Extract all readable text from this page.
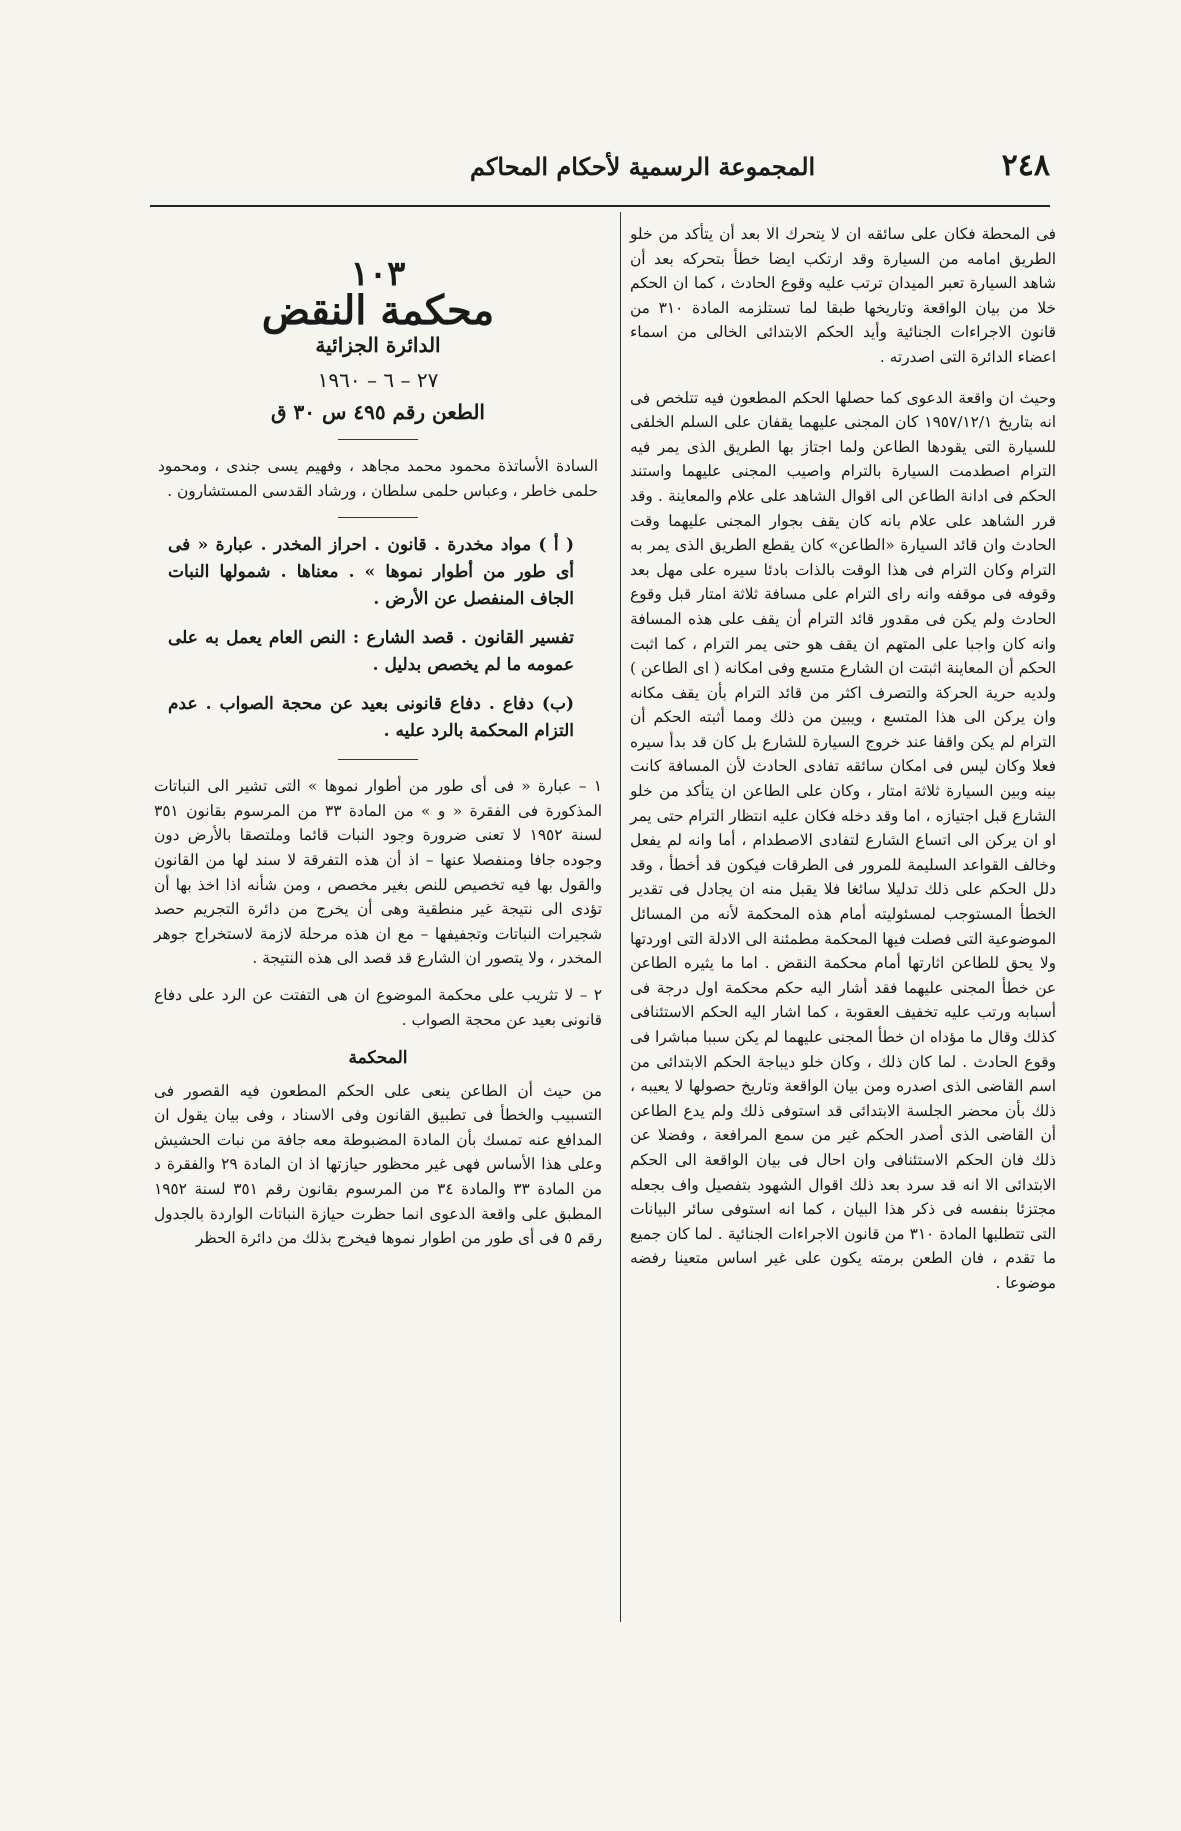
٢٤٨
المجموعة الرسمية لأحكام المحاكم

فى المحطة فكان على سائقه ان لا يتحرك الا بعد أن يتأكد من خلو الطريق امامه من السيارة وقد ارتكب ايضا خطأ بتحركه بعد أن شاهد السيارة تعبر الميدان ترتب عليه وقوع الحادث ، كما ان الحكم خلا من بيان الواقعة وتاريخها طبقا لما تستلزمه المادة ٣١٠ من قانون الاجراءات الجنائية وأيد الحكم الابتدائى الخالى من اسماء اعضاء الدائرة التى اصدرته .

وحيث ان واقعة الدعوى كما حصلها الحكم المطعون فيه تتلخص فى انه بتاريخ ١٩٥٧/١٢/١ كان المجنى عليهما يقفان على السلم الخلفى للسيارة التى يقودها الطاعن ولما اجتاز بها الطريق الذى يمر فيه الترام اصطدمت السيارة بالترام واصيب المجنى عليهما واستند الحكم فى ادانة الطاعن الى اقوال الشاهد على علام والمعاينة . وقد قرر الشاهد على علام بانه كان يقف بجوار المجنى عليهما وقت الحادث وان قائد السيارة «الطاعن» كان يقطع الطريق الذى يمر به الترام وكان الترام فى هذا الوقت بالذات بادئا سيره على مهل بعد وقوفه فى موقفه وانه راى الترام على مسافة ثلاثة امتار قبل وقوع الحادث ولم يكن فى مقدور قائد الترام أن يقف على هذه المسافة وانه كان واجبا على المتهم ان يقف هو حتى يمر الترام ، كما اثبت الحكم أن المعاينة اثبتت ان الشارع متسع وفى امكانه ( اى الطاعن ) ولديه حرية الحركة والتصرف اكثر من قائد الترام بأن يقف مكانه وان يركن الى هذا المتسع ، ويبين من ذلك ومما أثبته الحكم أن الترام لم يكن واقفا عند خروج السيارة للشارع بل كان قد بدأ سيره فعلا وكان ليس فى امكان سائقه تفادى الحادث لأن المسافة كانت بينه وبين السيارة ثلاثة امتار ، وكان على الطاعن ان يتأكد من خلو الشارع قبل اجتيازه ، اما وقد دخله فكان عليه انتظار الترام حتى يمر او ان يركن الى اتساع الشارع لتفادى الاصطدام ، أما وانه لم يفعل وخالف القواعد السليمة للمرور فى الطرقات فيكون قد أخطأ ، وقد دلل الحكم على ذلك تدليلا سائغا فلا يقبل منه ان يجادل فى تقدير الخطأ المستوجب لمسئوليته أمام هذه المحكمة لأنه من المسائل الموضوعية التى فصلت فيها المحكمة مطمئنة الى الادلة التى اوردتها ولا يحق للطاعن اثارتها أمام محكمة النقض . اما ما يثيره الطاعن عن خطأ المجنى عليهما فقد أشار اليه حكم محكمة اول درجة فى أسبابه ورتب عليه تخفيف العقوبة ، كما اشار اليه الحكم الاستئنافى كذلك وقال ما مؤداه ان خطأ المجنى عليهما لم يكن سببا مباشرا فى وقوع الحادث . لما كان ذلك ، وكان خلو ديباجة الحكم الابتدائى من اسم القاضى الذى اصدره ومن بيان الواقعة وتاريخ حصولها لا يعيبه ، ذلك بأن محضر الجلسة الابتدائى قد استوفى ذلك ولم يدع الطاعن أن القاضى الذى أصدر الحكم غير من سمع المرافعة ، وفضلا عن ذلك فان الحكم الاستئنافى وان احال فى بيان الواقعة الى الحكم الابتدائى الا انه قد سرد بعد ذلك اقوال الشهود بتفصيل واف بجعله مجتزئا بنفسه فى ذكر هذا البيان ، كما انه استوفى سائر البيانات التى تتطلبها المادة ٣١٠ من قانون الاجراءات الجنائية . لما كان جميع ما تقدم ، فان الطعن برمته يكون على غير اساس متعينا رفضه موضوعا .

١٠٣
محكمة النقض
الدائرة الجزائية
٢٧ – ٦ – ١٩٦٠
الطعن رقم ٤٩٥ س ٣٠ ق
السادة الأساتذة محمود محمد مجاهد ، وفهيم يسى جندى ، ومحمود حلمى خاطر ، وعباس حلمى سلطان ، ورشاد القدسى المستشارون .
( أ ) مواد مخدرة . قانون . احراز المخدر . عبارة « فى أى طور من أطوار نموها » . معناها . شمولها النبات الجاف المنفصل عن الأرض .
تفسير القانون . قصد الشارع : النص العام يعمل به على عمومه ما لم يخصص بدليل .
(ب) دفاع . دفاع قانونى بعيد عن محجة الصواب . عدم التزام المحكمة بالرد عليه .
١ – عبارة « فى أى طور من أطوار نموها » التى تشير الى النباتات المذكورة فى الفقرة « و » من المادة ٣٣ من المرسوم بقانون ٣٥١ لسنة ١٩٥٢ لا تعنى ضرورة وجود النبات قائما وملتصقا بالأرض دون وجوده جافا ومنفصلا عنها – اذ أن هذه التفرقة لا سند لها من القانون والقول بها فيه تخصيص للنص بغير مخصص ، ومن شأنه اذا اخذ بها أن تؤدى الى نتيجة غير منطقية وهى أن يخرج من دائرة التجريم حصد شجيرات النباتات وتجفيفها – مع ان هذه مرحلة لازمة لاستخراج جوهر المخدر ، ولا يتصور ان الشارع قد قصد الى هذه النتيجة .
٢ – لا تثريب على محكمة الموضوع ان هى التفتت عن الرد على دفاع قانونى بعيد عن محجة الصواب .
المحكمة
من حيث أن الطاعن ينعى على الحكم المطعون فيه القصور فى التسبيب والخطأ فى تطبيق القانون وفى الاسناد ، وفى بيان يقول ان المدافع عنه تمسك بأن المادة المضبوطة معه جافة من نبات الحشيش وعلى هذا الأساس فهى غير محظور حيازتها اذ ان المادة ٢٩ والفقرة د من المادة ٣٣ والمادة ٣٤ من المرسوم بقانون رقم ٣٥١ لسنة ١٩٥٢ المطبق على واقعة الدعوى انما حظرت حيازة النباتات الواردة بالجدول رقم ٥ فى أى طور من اطوار نموها فيخرج بذلك من دائرة الحظر
